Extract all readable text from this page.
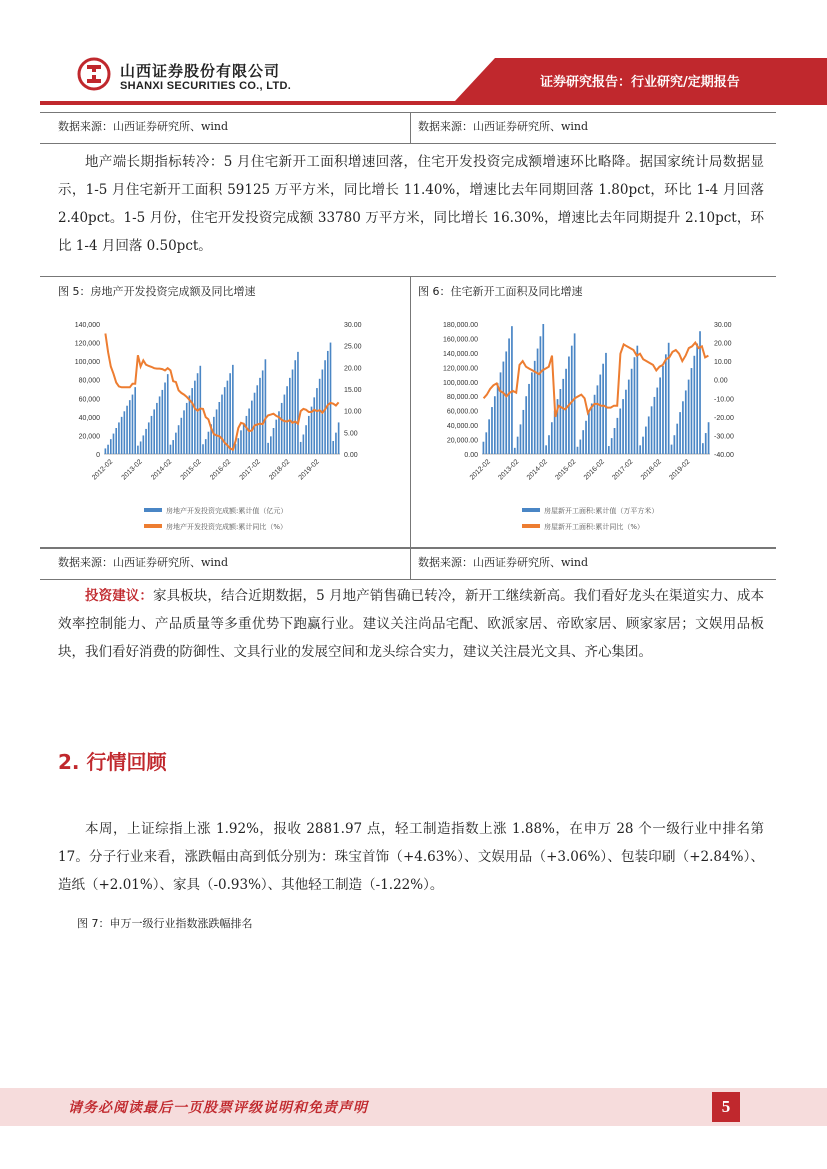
山西证券股份有限公司
SHANXI SECURITIES CO., LTD.	证券研究报告：行业研究/定期报告
数据来源：山西证券研究所、wind	数据来源：山西证券研究所、wind
地产端长期指标转冷：5 月住宅新开工面积增速回落，住宅开发投资完成额增速环比略降。据国家统计局数据显示，1-5 月住宅新开工面积 59125 万平方米，同比增长 11.40%，增速比去年同期回落 1.80pct，环比 1-4 月回落 2.40pct。1-5 月份，住宅开发投资完成额 33780 万平方米，同比增长 16.30%，增速比去年同期提升 2.10pct，环比 1-4 月回落 0.50pct。
图 5：房地产开发投资完成额及同比增速	图 6：住宅新开工面积及同比增速
140,000
120,000
100,000
80,000
60,000
40,000
20,000
0
30.00
25.00
20.00
15.00
10.00
5.00
0.00
2012-02 2013-02 2014-02 2015-02 2016-02 2017-02 2018-02 2019-02
房地产开发投资完成额:累计值（亿元）
房地产开发投资完成额:累计同比（%）
180,000.00
160,000.00
140,000.00
120,000.00
100,000.00
80,000.00
60,000.00
40,000.00
20,000.00
0.00
30.00
20.00
10.00
0.00
-10.00
-20.00
-30.00
-40.00
2012-02 2013-02 2014-02 2015-02 2016-02 2017-02 2018-02 2019-02
房屋新开工面积:累计值（万平方米）
房屋新开工面积:累计同比（%）
数据来源：山西证券研究所、wind	数据来源：山西证券研究所、wind
投资建议：家具板块，结合近期数据，5 月地产销售确已转冷，新开工继续新高。我们看好龙头在渠道实力、成本效率控制能力、产品质量等多重优势下跑赢行业。建议关注尚品宅配、欧派家居、帝欧家居、顾家家居；文娱用品板块，我们看好消费的防御性、文具行业的发展空间和龙头综合实力，建议关注晨光文具、齐心集团。
2. 行情回顾
本周，上证综指上涨 1.92%，报收 2881.97 点，轻工制造指数上涨 1.88%，在申万 28 个一级行业中排名第 17。分子行业来看，涨跌幅由高到低分别为：珠宝首饰（+4.63%）、文娱用品（+3.06%）、包装印刷（+2.84%）、造纸（+2.01%）、家具（-0.93%）、其他轻工制造（-1.22%）。
图 7：申万一级行业指数涨跌幅排名
请务必阅读最后一页股票评级说明和免责声明	5
